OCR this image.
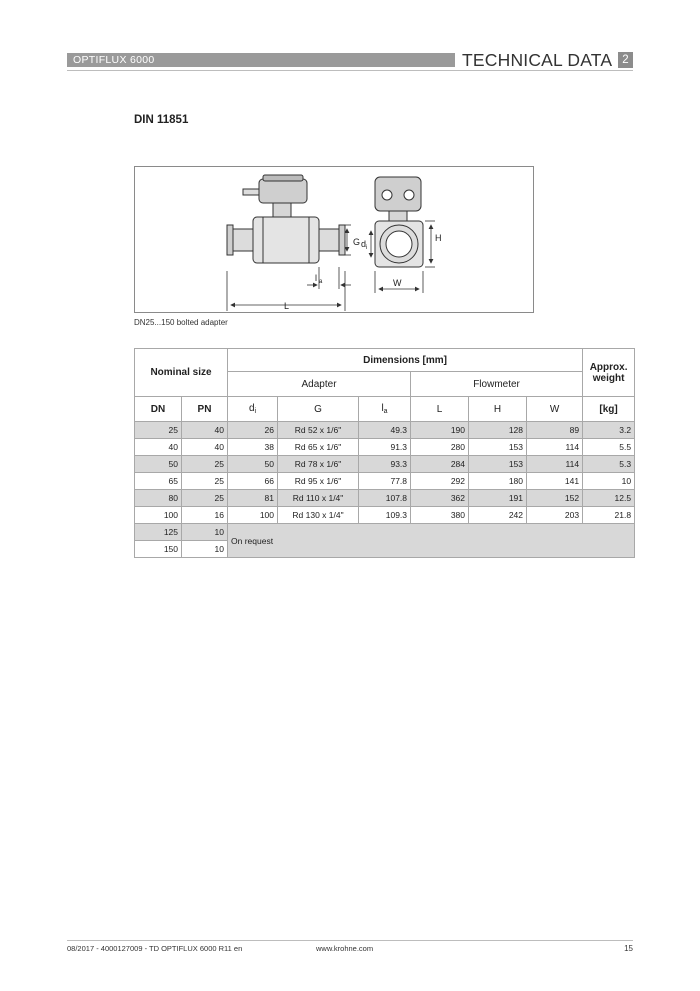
OPTIFLUX 6000	TECHNICAL DATA 2
DIN 11851
L
l a
G
W
H
d i
DN25...150 bolted adapter
Nominal size		Dimensions [mm]						Approx.
weight

		Adapter			Flowmeter			
DN	PN	$d_i$	G	$l_a$	L	H	W	[kg]
25	40	26	Rd 52 x 1/6"	49.3	190	128	89	3.2
40	40	38	Rd 65 x 1/6"	91.3	280	153	114	5.5
50	25	50	Rd 78 x 1/6"	93.3	284	153	114	5.3
65	25	66	Rd 95 x 1/6"	77.8	292	180	141	10
80	25	81	Rd 110 x 1/4"	107.8	362	191	152	12.5
100	16	100	Rd 130 x 1/4"	109.3	380	242	203	21.8
125	10	On request						
150	10							
08/2017 - 4000127009 - TD OPTIFLUX 6000 R11 en	www.krohne.com	15
